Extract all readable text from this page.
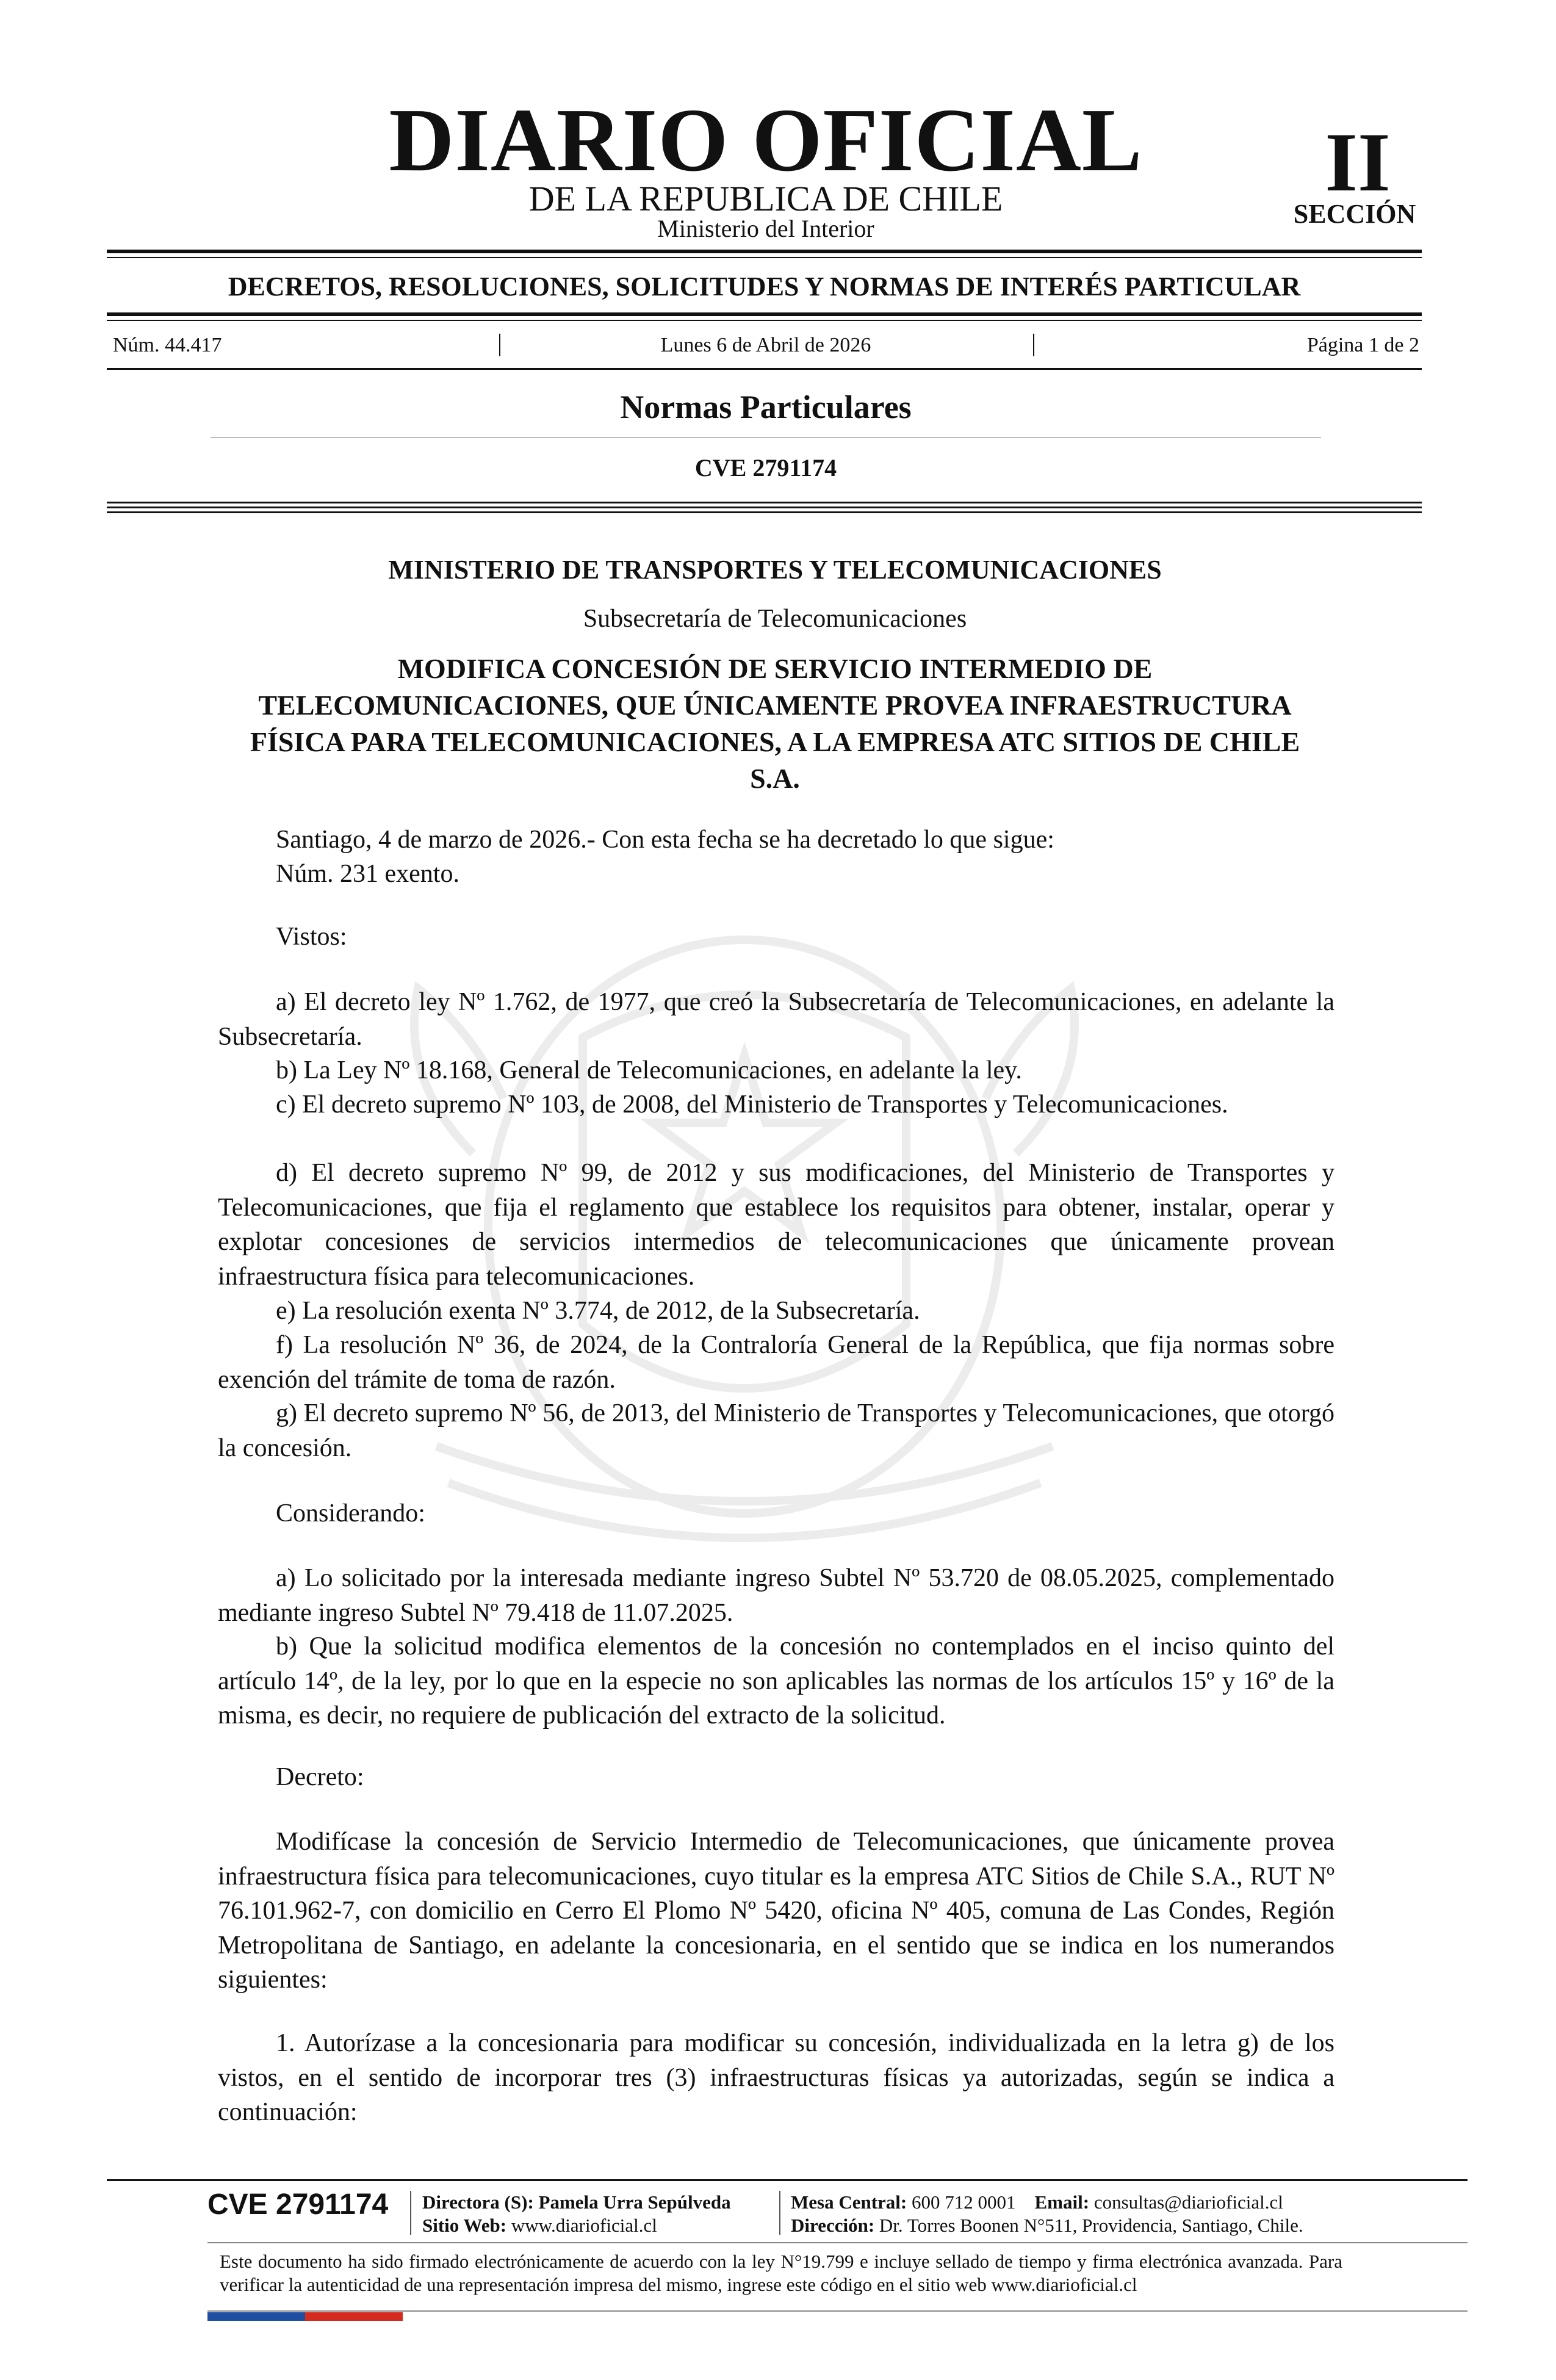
DIARIO OFICIAL
DE LA REPUBLICA DE CHILE
Ministerio del Interior
II
SECCIÓN
DECRETOS, RESOLUCIONES, SOLICITUDES Y NORMAS DE INTERÉS PARTICULAR
Núm. 44.417	|	Lunes 6 de Abril de 2026	|	Página 1 de 2
Normas Particulares
CVE 2791174
MINISTERIO DE TRANSPORTES Y TELECOMUNICACIONES
Subsecretaría de Telecomunicaciones
MODIFICA CONCESIÓN DE SERVICIO INTERMEDIO DE
TELECOMUNICACIONES, QUE ÚNICAMENTE PROVEA INFRAESTRUCTURA
FÍSICA PARA TELECOMUNICACIONES, A LA EMPRESA ATC SITIOS DE CHILE
S.A.

Santiago, 4 de marzo de 2026.- Con esta fecha se ha decretado lo que sigue:

Núm. 231 exento.

Vistos:

a) El decreto ley Nº 1.762, de 1977, que creó la Subsecretaría de Telecomunicaciones, en adelante la Subsecretaría.

b) La Ley Nº 18.168, General de Telecomunicaciones, en adelante la ley.

c) El decreto supremo Nº 103, de 2008, del Ministerio de Transportes y Telecomunicaciones.

d) El decreto supremo Nº 99, de 2012 y sus modificaciones, del Ministerio de Transportes y Telecomunicaciones, que fija el reglamento que establece los requisitos para obtener, instalar, operar y explotar concesiones de servicios intermedios de telecomunicaciones que únicamente provean infraestructura física para telecomunicaciones.

e) La resolución exenta Nº 3.774, de 2012, de la Subsecretaría.

f) La resolución Nº 36, de 2024, de la Contraloría General de la República, que fija normas sobre exención del trámite de toma de razón.

g) El decreto supremo Nº 56, de 2013, del Ministerio de Transportes y Telecomunicaciones, que otorgó la concesión.

Considerando:

a) Lo solicitado por la interesada mediante ingreso Subtel Nº 53.720 de 08.05.2025, complementado mediante ingreso Subtel Nº 79.418 de 11.07.2025.

b) Que la solicitud modifica elementos de la concesión no contemplados en el inciso quinto del artículo 14º, de la ley, por lo que en la especie no son aplicables las normas de los artículos 15º y 16º de la misma, es decir, no requiere de publicación del extracto de la solicitud.

Decreto:

Modifícase la concesión de Servicio Intermedio de Telecomunicaciones, que únicamente provea infraestructura física para telecomunicaciones, cuyo titular es la empresa ATC Sitios de Chile S.A., RUT Nº 76.101.962-7, con domicilio en Cerro El Plomo Nº 5420, oficina Nº 405, comuna de Las Condes, Región Metropolitana de Santiago, en adelante la concesionaria, en el sentido que se indica en los numerandos siguientes:

1. Autorízase a la concesionaria para modificar su concesión, individualizada en la letra g) de los vistos, en el sentido de incorporar tres (3) infraestructuras físicas ya autorizadas, según se indica a continuación:

CVE 2791174 Directora (S): Pamela Urra Sepúlveda
Sitio Web: www.diarioficial.cl
Mesa Central: 600 712 0001 Email: consultas@diarioficial.cl
Dirección: Dr. Torres Boonen N°511, Providencia, Santiago, Chile.
Este documento ha sido firmado electrónicamente de acuerdo con la ley N°19.799 e incluye sellado de tiempo y firma electrónica avanzada. Para verificar la autenticidad de una representación impresa del mismo, ingrese este código en el sitio web www.diarioficial.cl
